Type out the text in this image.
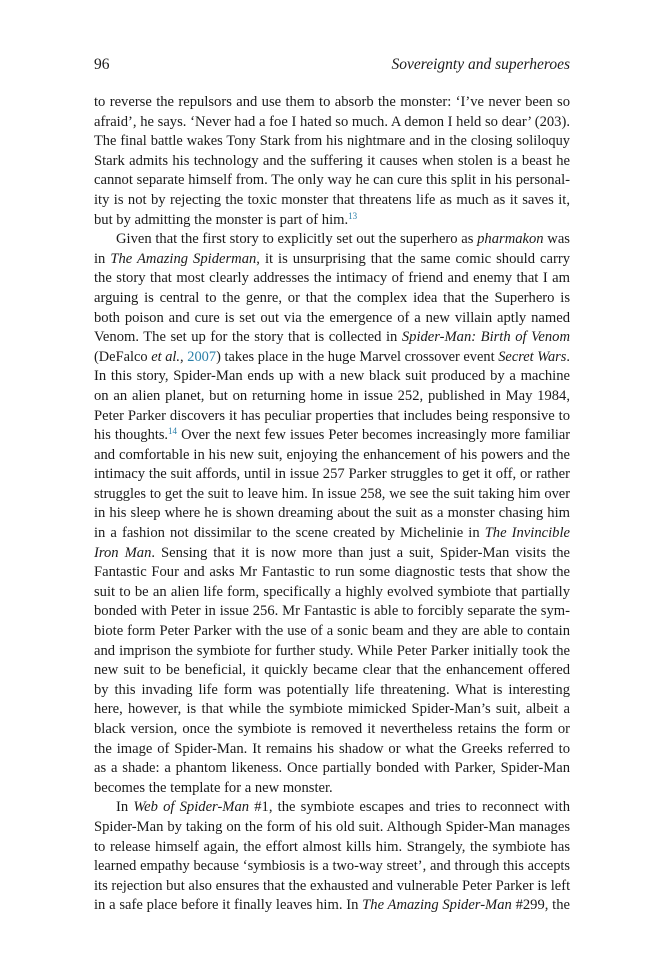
96	Sovereignty and superheroes

to reverse the repulsors and use them to absorb the monster: ‘I’ve never been so
afraid’, he says. ‘Never had a foe I hated so much. A demon I held so dear’ (203).
The final battle wakes Tony Stark from his nightmare and in the closing soliloquy
Stark admits his technology and the suffering it causes when stolen is a beast he
cannot separate himself from. The only way he can cure this split in his personal-
ity is not by rejecting the toxic monster that threatens life as much as it saves it,
but by admitting the monster is part of him.$^{13}$

Given that the first story to explicitly set out the superhero as pharmakon was
in The Amazing Spiderman, it is unsurprising that the same comic should carry
the story that most clearly addresses the intimacy of friend and enemy that I am
arguing is central to the genre, or that the complex idea that the Superhero is
both poison and cure is set out via the emergence of a new villain aptly named
Venom. The set up for the story that is collected in Spider-Man: Birth of Venom
(DeFalco et al., 2007) takes place in the huge Marvel crossover event Secret Wars.
In this story, Spider-Man ends up with a new black suit produced by a machine
on an alien planet, but on returning home in issue 252, published in May 1984,
Peter Parker discovers it has peculiar properties that includes being responsive to
his thoughts.$^{14}$ Over the next few issues Peter becomes increasingly more familiar
and comfortable in his new suit, enjoying the enhancement of his powers and the
intimacy the suit affords, until in issue 257 Parker struggles to get it off, or rather
struggles to get the suit to leave him. In issue 258, we see the suit taking him over
in his sleep where he is shown dreaming about the suit as a monster chasing him
in a fashion not dissimilar to the scene created by Michelinie in The Invincible
Iron Man. Sensing that it is now more than just a suit, Spider-Man visits the
Fantastic Four and asks Mr Fantastic to run some diagnostic tests that show the
suit to be an alien life form, specifically a highly evolved symbiote that partially
bonded with Peter in issue 256. Mr Fantastic is able to forcibly separate the sym-
biote form Peter Parker with the use of a sonic beam and they are able to contain
and imprison the symbiote for further study. While Peter Parker initially took the
new suit to be beneficial, it quickly became clear that the enhancement offered
by this invading life form was potentially life threatening. What is interesting
here, however, is that while the symbiote mimicked Spider-Man’s suit, albeit a
black version, once the symbiote is removed it nevertheless retains the form or
the image of Spider-Man. It remains his shadow or what the Greeks referred to
as a shade: a phantom likeness. Once partially bonded with Parker, Spider-Man
becomes the template for a new monster.

In Web of Spider-Man #1, the symbiote escapes and tries to reconnect with
Spider-Man by taking on the form of his old suit. Although Spider-Man manages
to release himself again, the effort almost kills him. Strangely, the symbiote has
learned empathy because ‘symbiosis is a two-way street’, and through this accepts
its rejection but also ensures that the exhausted and vulnerable Peter Parker is left
in a safe place before it finally leaves him. In The Amazing Spider-Man #299, the
